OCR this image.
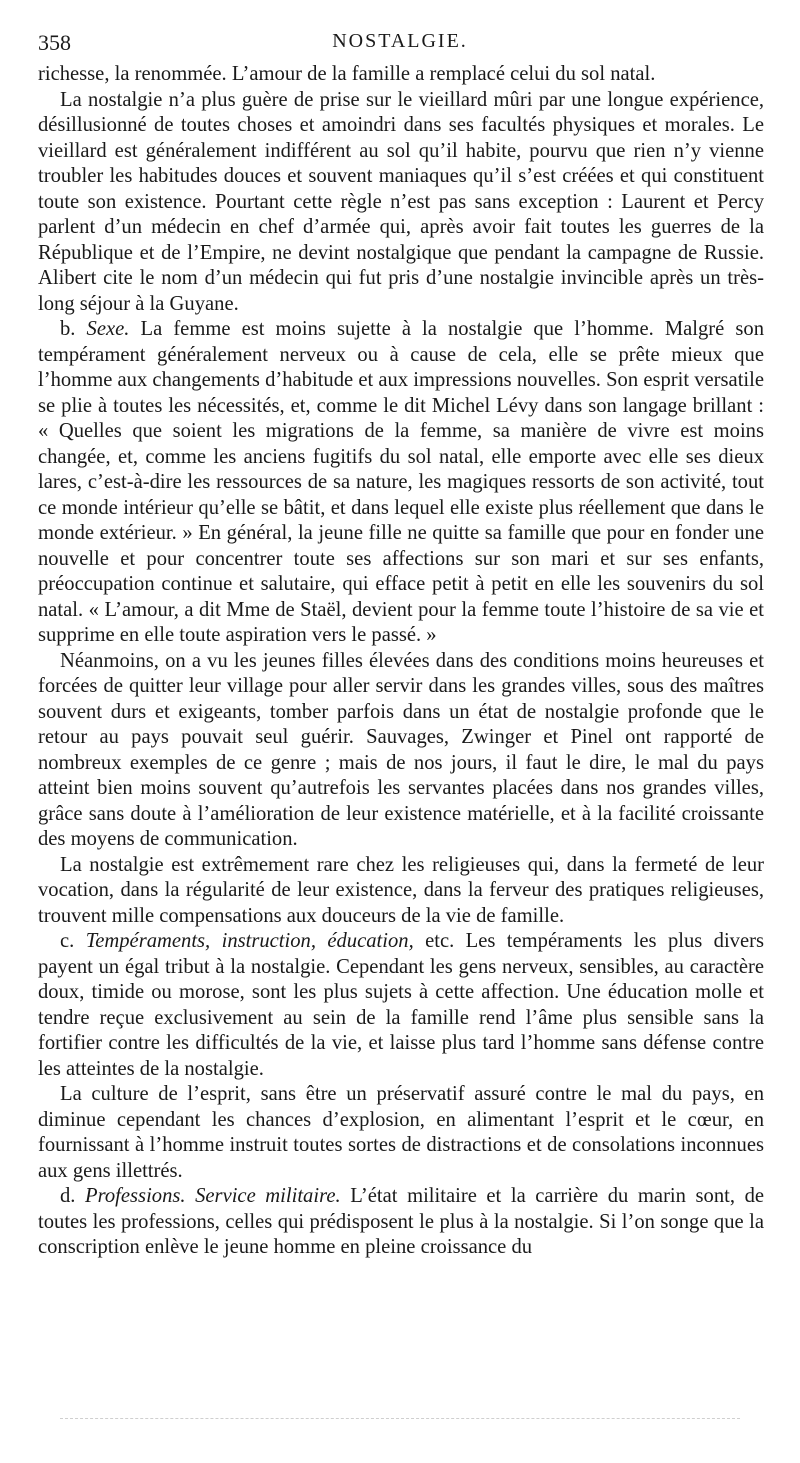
358	NOSTALGIE.

richesse, la renommée. L’amour de la famille a remplacé celui du sol natal.

La nostalgie n’a plus guère de prise sur le vieillard mûri par une longue expérience, désillusionné de toutes choses et amoindri dans ses facultés physiques et morales. Le vieillard est généralement indifférent au sol qu’il habite, pourvu que rien n’y vienne troubler les habitudes douces et souvent maniaques qu’il s’est créées et qui constituent toute son existence. Pourtant cette règle n’est pas sans exception : Laurent et Percy parlent d’un médecin en chef d’armée qui, après avoir fait toutes les guerres de la République et de l’Empire, ne devint nostalgique que pendant la campagne de Russie. Alibert cite le nom d’un médecin qui fut pris d’une nostalgie invincible après un très-long séjour à la Guyane.

b. Sexe. La femme est moins sujette à la nostalgie que l’homme. Malgré son tempérament généralement nerveux ou à cause de cela, elle se prête mieux que l’homme aux changements d’habitude et aux impressions nouvelles. Son esprit versatile se plie à toutes les nécessités, et, comme le dit Michel Lévy dans son langage brillant : « Quelles que soient les migrations de la femme, sa manière de vivre est moins changée, et, comme les anciens fugitifs du sol natal, elle emporte avec elle ses dieux lares, c’est-à-dire les ressources de sa nature, les magiques ressorts de son activité, tout ce monde intérieur qu’elle se bâtit, et dans lequel elle existe plus réellement que dans le monde extérieur. » En général, la jeune fille ne quitte sa famille que pour en fonder une nouvelle et pour concentrer toute ses affections sur son mari et sur ses enfants, préoccupation continue et salutaire, qui efface petit à petit en elle les souvenirs du sol natal. « L’amour, a dit Mme de Staël, devient pour la femme toute l’histoire de sa vie et supprime en elle toute aspiration vers le passé. »

Néanmoins, on a vu les jeunes filles élevées dans des conditions moins heureuses et forcées de quitter leur village pour aller servir dans les grandes villes, sous des maîtres souvent durs et exigeants, tomber parfois dans un état de nostalgie profonde que le retour au pays pouvait seul guérir. Sauvages, Zwinger et Pinel ont rapporté de nombreux exemples de ce genre ; mais de nos jours, il faut le dire, le mal du pays atteint bien moins souvent qu’autrefois les servantes placées dans nos grandes villes, grâce sans doute à l’amélioration de leur existence matérielle, et à la facilité croissante des moyens de communication.

La nostalgie est extrêmement rare chez les religieuses qui, dans la fermeté de leur vocation, dans la régularité de leur existence, dans la ferveur des pratiques religieuses, trouvent mille compensations aux douceurs de la vie de famille.

c. Tempéraments, instruction, éducation, etc. Les tempéraments les plus divers payent un égal tribut à la nostalgie. Cependant les gens nerveux, sensibles, au caractère doux, timide ou morose, sont les plus sujets à cette affection. Une éducation molle et tendre reçue exclusivement au sein de la famille rend l’âme plus sensible sans la fortifier contre les difficultés de la vie, et laisse plus tard l’homme sans défense contre les atteintes de la nostalgie.

La culture de l’esprit, sans être un préservatif assuré contre le mal du pays, en diminue cependant les chances d’explosion, en alimentant l’esprit et le cœur, en fournissant à l’homme instruit toutes sortes de distractions et de consolations inconnues aux gens illettrés.

d. Professions. Service militaire. L’état militaire et la carrière du marin sont, de toutes les professions, celles qui prédisposent le plus à la nostalgie. Si l’on songe que la conscription enlève le jeune homme en pleine croissance du
